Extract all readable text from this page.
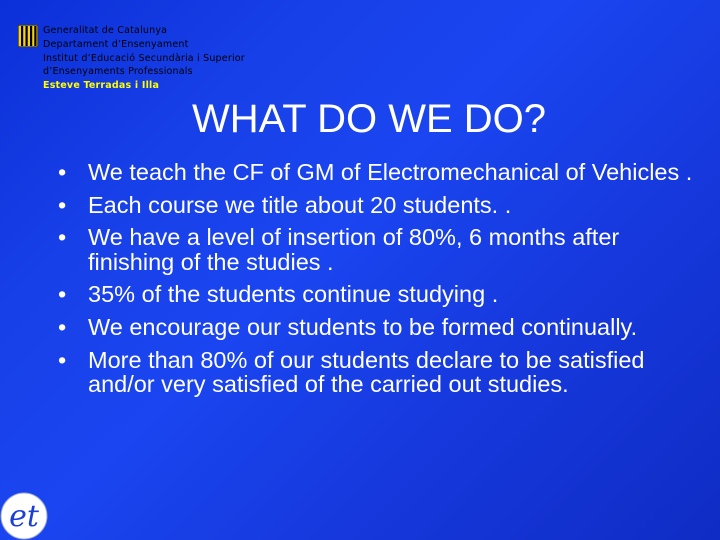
Generalitat de Catalunya
Departament d’Ensenyament
Institut d’Educació Secundària i Superior
d’Ensenyaments Professionals
Esteve Terradas i Illa
WHAT DO WE DO?
• We teach the CF of GM of Electromechanical of Vehicles .
• Each course we title about 20 students. .
• We have a level of insertion of 80%, 6 months after finishing of the studies .
• 35% of the students continue studying .
• We encourage our students to be formed continually.
• More than 80% of our students declare to be satisfied and/or very satisfied of the carried out studies.
et
